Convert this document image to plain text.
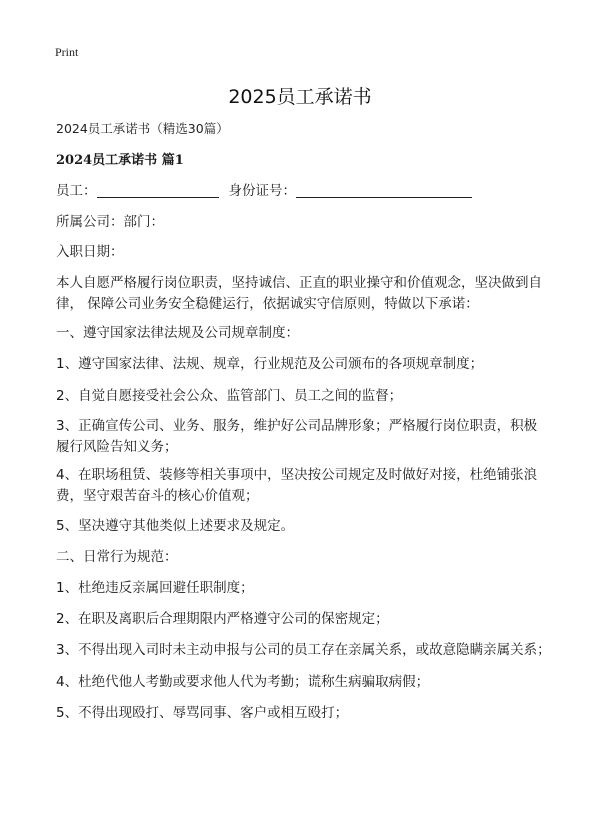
Print
2025员工承诺书
2024员工承诺书（精选30篇）
2024员工承诺书 篇1
员工：	身份证号：
所属公司：部门：
入职日期：
本人自愿严格履行岗位职责，坚持诚信、正直的职业操守和价值观念，坚决做到自
律， 保障公司业务安全稳健运行，依据诚实守信原则，特做以下承诺：
一、遵守国家法律法规及公司规章制度：
1、遵守国家法律、法规、规章，行业规范及公司颁布的各项规章制度；
2、自觉自愿接受社会公众、监管部门、员工之间的监督；
3、正确宣传公司、业务、服务，维护好公司品牌形象；严格履行岗位职责，积极
履行风险告知义务；
4、在职场租赁、装修等相关事项中，坚决按公司规定及时做好对接，杜绝铺张浪
费，坚守艰苦奋斗的核心价值观；
5、坚决遵守其他类似上述要求及规定。
二、日常行为规范：
1、杜绝违反亲属回避任职制度；
2、在职及离职后合理期限内严格遵守公司的保密规定；
3、不得出现入司时未主动申报与公司的员工存在亲属关系，或故意隐瞒亲属关系；
4、杜绝代他人考勤或要求他人代为考勤；谎称生病骗取病假；
5、不得出现殴打、辱骂同事、客户或相互殴打；
